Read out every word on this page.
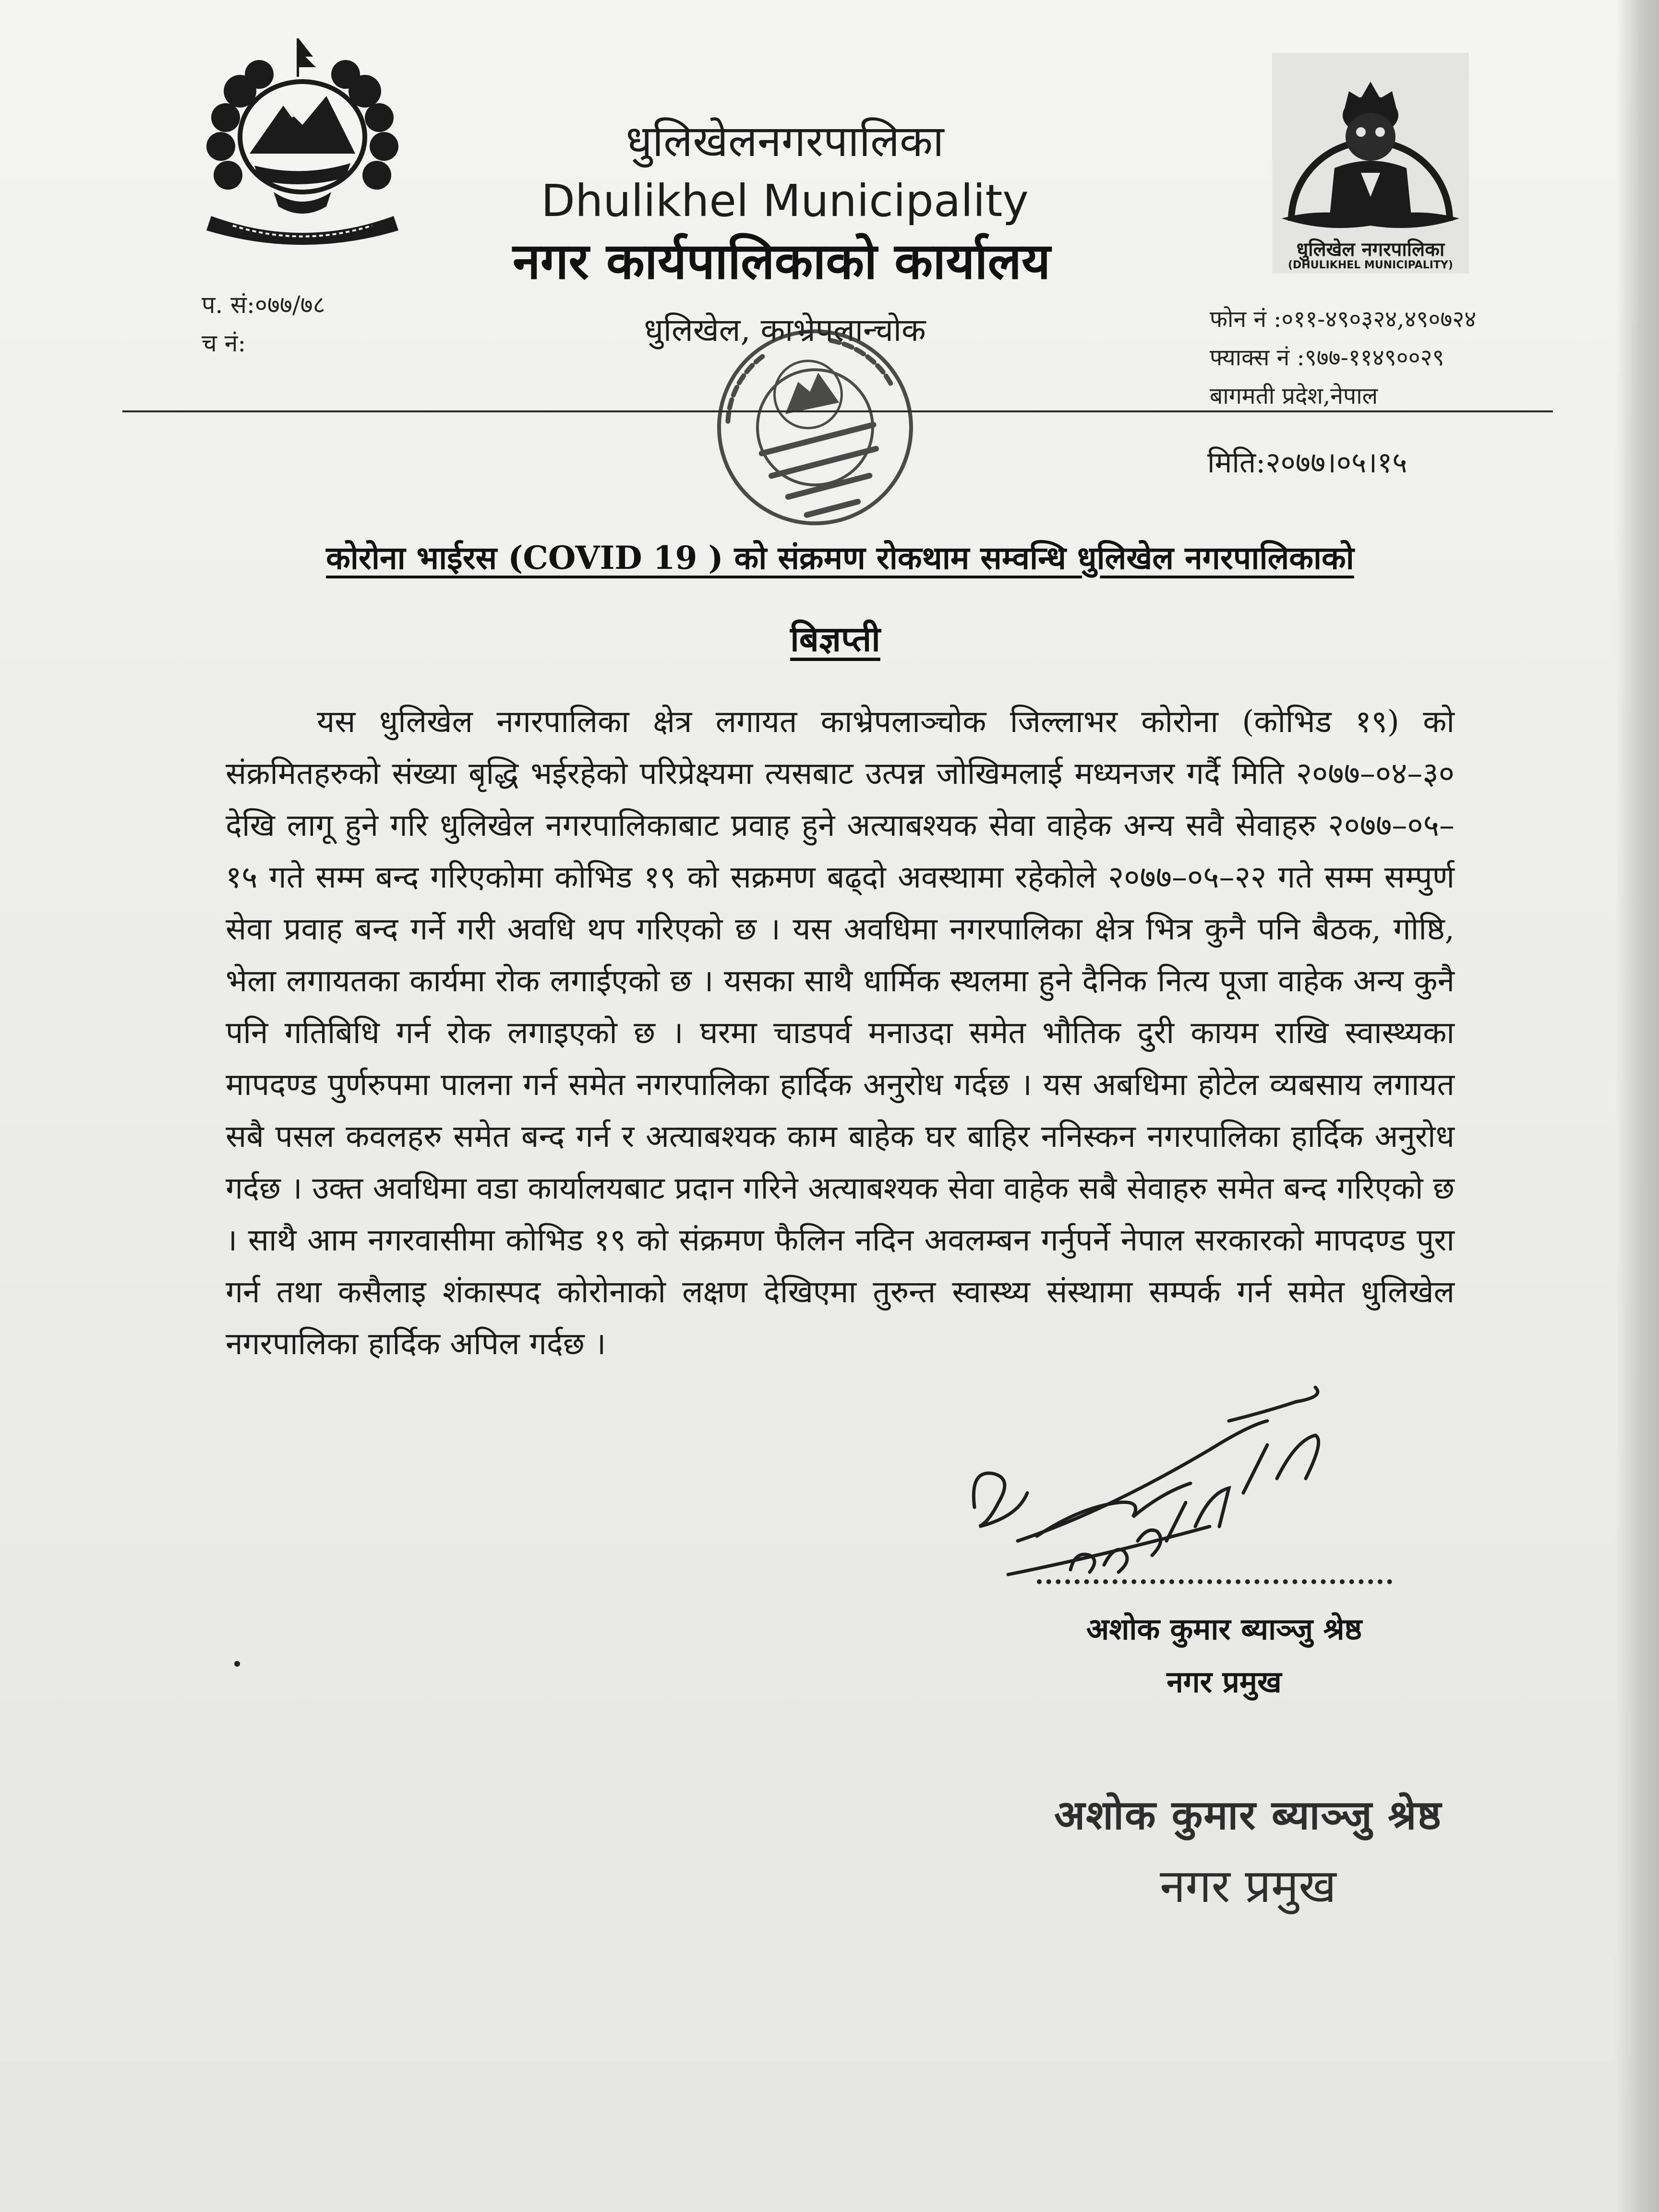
धुलिखेलनगरपालिका
Dhulikhel Municipality
नगर कार्यपालिकाको कार्यालय
धुलिखेल, काभ्रेपलान्चोक
धुलिखेल नगरपालिका
(DHULIKHEL MUNICIPALITY)
प. सं:०७७/७८
च नं:
फोन नं :०११-४९०३२४,४९०७२४
फ्याक्स नं :९७७-११४९००२९
बागमती प्रदेश,नेपाल
मिति:२०७७।०५।१५
कोरोना भाईरस (COVID 19 ) को संक्रमण रोकथाम सम्वन्धि धुलिखेल नगरपालिकाको
बिज्ञप्ती
यस धुलिखेल नगरपालिका क्षेत्र लगायत काभ्रेपलाञ्चोक जिल्लाभर कोरोना (कोभिड १९) को संक्रमितहरुको संख्या बृद्धि भईरहेको परिप्रेक्ष्यमा त्यसबाट उत्पन्न जोखिमलाई मध्यनजर गर्दै मिति २०७७–०४–३० देखि लागू हुने गरि धुलिखेल नगरपालिकाबाट प्रवाह हुने अत्याबश्यक सेवा वाहेक अन्य सवै सेवाहरु २०७७–०५–१५ गते सम्म बन्द गरिएकोमा कोभिड १९ को सक्रमण बढ्दो अवस्थामा रहेकोले २०७७–०५–२२ गते सम्म सम्पुर्ण सेवा प्रवाह बन्द गर्ने गरी अवधि थप गरिएको छ । यस अवधिमा नगरपालिका क्षेत्र भित्र कुनै पनि बैठक, गोष्ठि, भेला लगायतका कार्यमा रोक लगाईएको छ । यसका साथै धार्मिक स्थलमा हुने दैनिक नित्य पूजा वाहेक अन्य कुनै पनि गतिबिधि गर्न रोक लगाइएको छ । घरमा चाडपर्व मनाउदा समेत भौतिक दुरी कायम राखि स्वास्थ्यका मापदण्ड पुर्णरुपमा पालना गर्न समेत नगरपालिका हार्दिक अनुरोध गर्दछ । यस अबधिमा होटेल व्यबसाय लगायत सबै पसल कवलहरु समेत बन्द गर्न र अत्याबश्यक काम बाहेक घर बाहिर ननिस्कन नगरपालिका हार्दिक अनुरोध गर्दछ । उक्त अवधिमा वडा कार्यालयबाट प्रदान गरिने अत्याबश्यक सेवा वाहेक सबै सेवाहरु समेत बन्द गरिएको छ । साथै आम नगरवासीमा कोभिड १९ को संक्रमण फैलिन नदिन अवलम्बन गर्नुपर्ने नेपाल सरकारको मापदण्ड पुरा गर्न तथा कसैलाइ शंकास्पद कोरोनाको लक्षण देखिएमा तुरुन्त स्वास्थ्य संस्थामा सम्पर्क गर्न समेत धुलिखेल नगरपालिका हार्दिक अपिल गर्दछ ।
अशोक कुमार ब्याञ्जु श्रेष्ठ
नगर प्रमुख
अशोक कुमार ब्याञ्जु श्रेष्ठ
नगर प्रमुख
